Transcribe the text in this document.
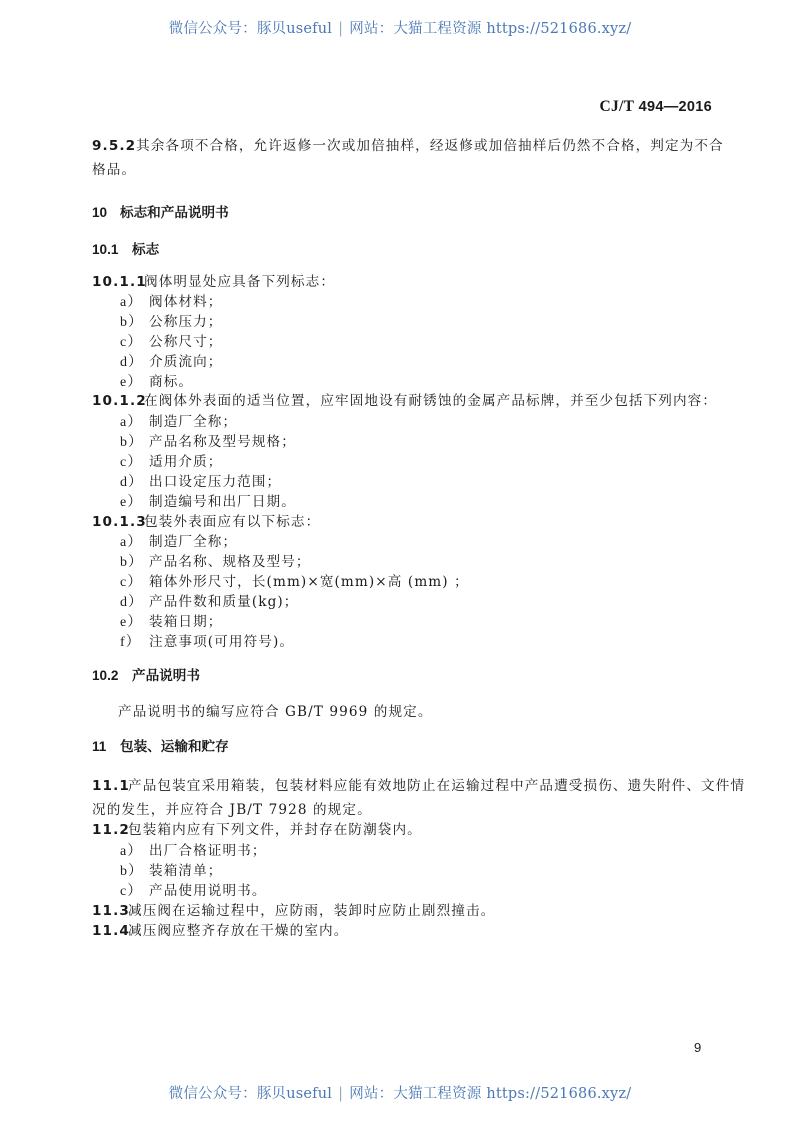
微信公众号：豚贝useful | 网站：大猫工程资源 https://521686.xyz/
CJ/T 494—2016
9.5.2其余各项不合格，允许返修一次或加倍抽样，经返修或加倍抽样后仍然不合格，判定为不合
格品。
10 标志和产品说明书
10.1 标志
10.1.1阀体明显处应具备下列标志：
a） 阀体材料；
b） 公称压力；
c） 公称尺寸；
d） 介质流向；
e） 商标。
10.1.2在阀体外表面的适当位置，应牢固地设有耐锈蚀的金属产品标牌，并至少包括下列内容：
a） 制造厂全称；
b） 产品名称及型号规格；
c） 适用介质；
d） 出口设定压力范围；
e） 制造编号和出厂日期。
10.1.3包装外表面应有以下标志：
a） 制造厂全称；
b） 产品名称、规格及型号；
c） 箱体外形尺寸，长(mm)×宽(mm)×高 (mm) ；
d） 产品件数和质量(kg)；
e） 装箱日期；
f） 注意事项(可用符号)。
10.2 产品说明书
产品说明书的编写应符合 GB/T 9969 的规定。
11 包装、运输和贮存
11.1产品包装宜采用箱装，包装材料应能有效地防止在运输过程中产品遭受损伤、遗失附件、文件情
况的发生，并应符合 JB/T 7928 的规定。
11.2包装箱内应有下列文件，并封存在防潮袋内。
a） 出厂合格证明书；
b） 装箱清单；
c） 产品使用说明书。
11.3减压阀在运输过程中，应防雨，装卸时应防止剧烈撞击。
11.4减压阀应整齐存放在干燥的室内。
9
微信公众号：豚贝useful | 网站：大猫工程资源 https://521686.xyz/
